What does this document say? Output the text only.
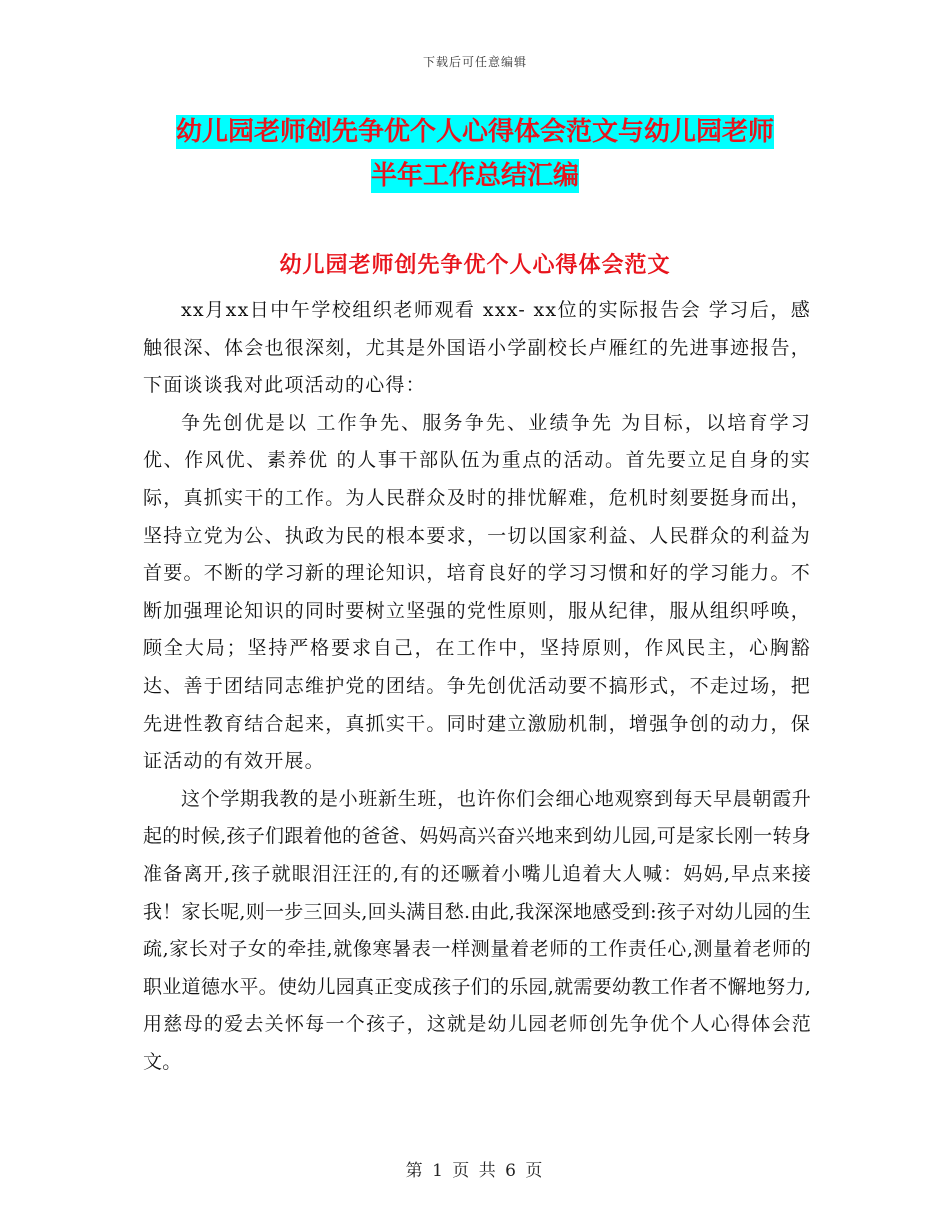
下载后可任意编辑
幼儿园老师创先争优个人心得体会范文与幼儿园老师
半年工作总结汇编
幼儿园老师创先争优个人心得体会范文

xx月xx日中午学校组织老师观看 xxx- xx位的实际报告会 学习后，感触很深、体会也很深刻，尤其是外国语小学副校长卢雁红的先进事迹报告，下面谈谈我对此项活动的心得：

争先创优是以 工作争先、服务争先、业绩争先 为目标，以培育学习优、作风优、素养优 的人事干部队伍为重点的活动。首先要立足自身的实际，真抓实干的工作。为人民群众及时的排忧解难，危机时刻要挺身而出，坚持立党为公、执政为民的根本要求，一切以国家利益、人民群众的利益为首要。不断的学习新的理论知识，培育良好的学习习惯和好的学习能力。不断加强理论知识的同时要树立坚强的党性原则，服从纪律，服从组织呼唤，顾全大局；坚持严格要求自己，在工作中，坚持原则，作风民主，心胸豁达、善于团结同志维护党的团结。争先创优活动要不搞形式，不走过场，把先进性教育结合起来，真抓实干。同时建立激励机制，增强争创的动力，保证活动的有效开展。

这个学期我教的是小班新生班，也许你们会细心地观察到每天早晨朝霞升起的时候,孩子们跟着他的爸爸、妈妈高兴奋兴地来到幼儿园,可是家长刚一转身准备离开,孩子就眼泪汪汪的,有的还噘着小嘴儿追着大人喊：妈妈,早点来接我！家长呢,则一步三回头,回头满目愁.由此,我深深地感受到:孩子对幼儿园的生疏,家长对子女的牵挂,就像寒暑表一样测量着老师的工作责任心,测量着老师的职业道德水平。使幼儿园真正变成孩子们的乐园,就需要幼教工作者不懈地努力,用慈母的爱去关怀每一个孩子，这就是幼儿园老师创先争优个人心得体会范文。

第 1 页 共 6 页
